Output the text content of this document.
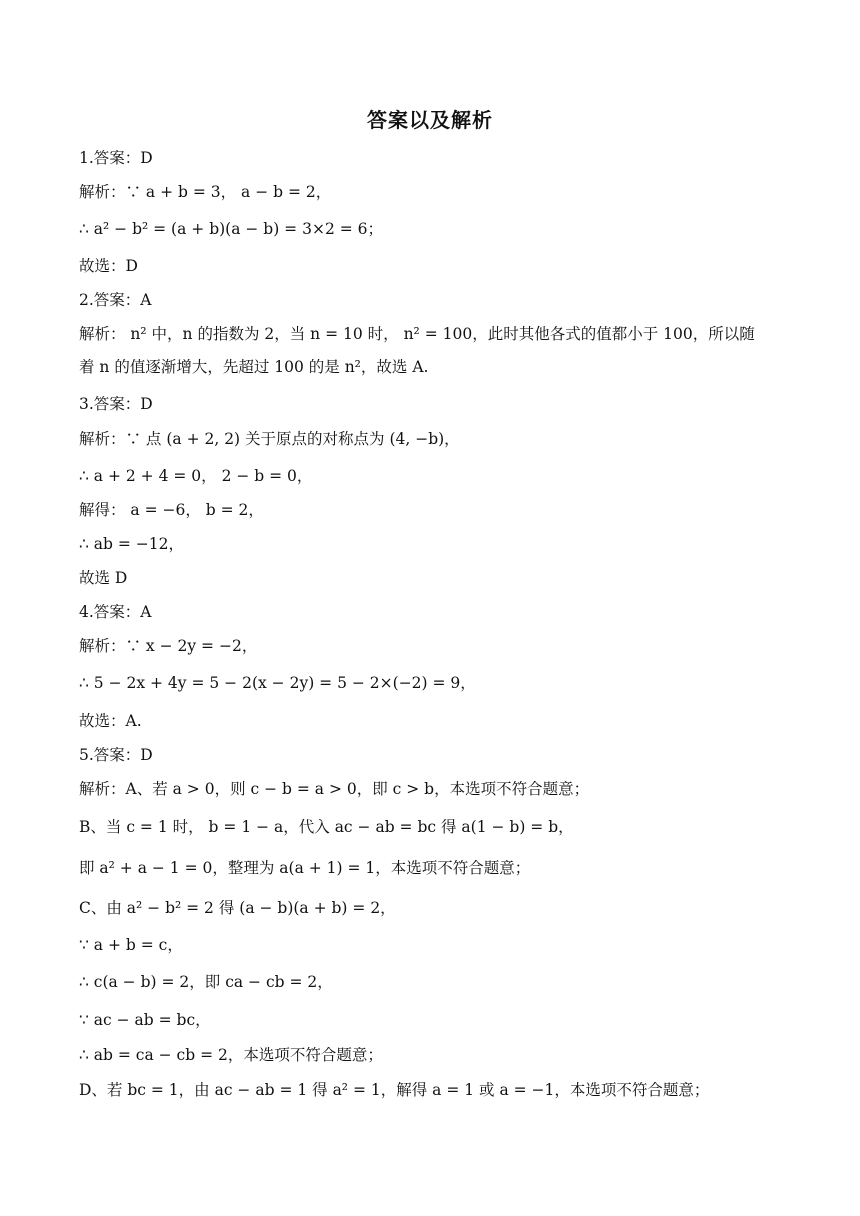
答案以及解析
1.答案：D
解析：∵ a + b = 3， a − b = 2，
∴ a² − b² = (a + b)(a − b) = 3×2 = 6；
故选：D
2.答案：A
解析： n² 中，n 的指数为 2，当 n = 10 时， n² = 100，此时其他各式的值都小于 100，所以随
着 n 的值逐渐增大，先超过 100 的是 n²，故选 A.
3.答案：D
解析：∵ 点 (a + 2, 2) 关于原点的对称点为 (4, −b)，
∴ a + 2 + 4 = 0， 2 − b = 0，
解得： a = −6， b = 2，
∴ ab = −12，
故选 D
4.答案：A
解析：∵ x − 2y = −2，
∴ 5 − 2x + 4y = 5 − 2(x − 2y) = 5 − 2×(−2) = 9，
故选：A.
5.答案：D
解析：A、若 a > 0，则 c − b = a > 0，即 c > b，本选项不符合题意；
B、当 c = 1 时， b = 1 − a，代入 ac − ab = bc 得 a(1 − b) = b，
即 a² + a − 1 = 0，整理为 a(a + 1) = 1，本选项不符合题意；
C、由 a² − b² = 2 得 (a − b)(a + b) = 2，
∵ a + b = c，
∴ c(a − b) = 2，即 ca − cb = 2，
∵ ac − ab = bc，
∴ ab = ca − cb = 2，本选项不符合题意；
D、若 bc = 1，由 ac − ab = 1 得 a² = 1，解得 a = 1 或 a = −1，本选项不符合题意；
